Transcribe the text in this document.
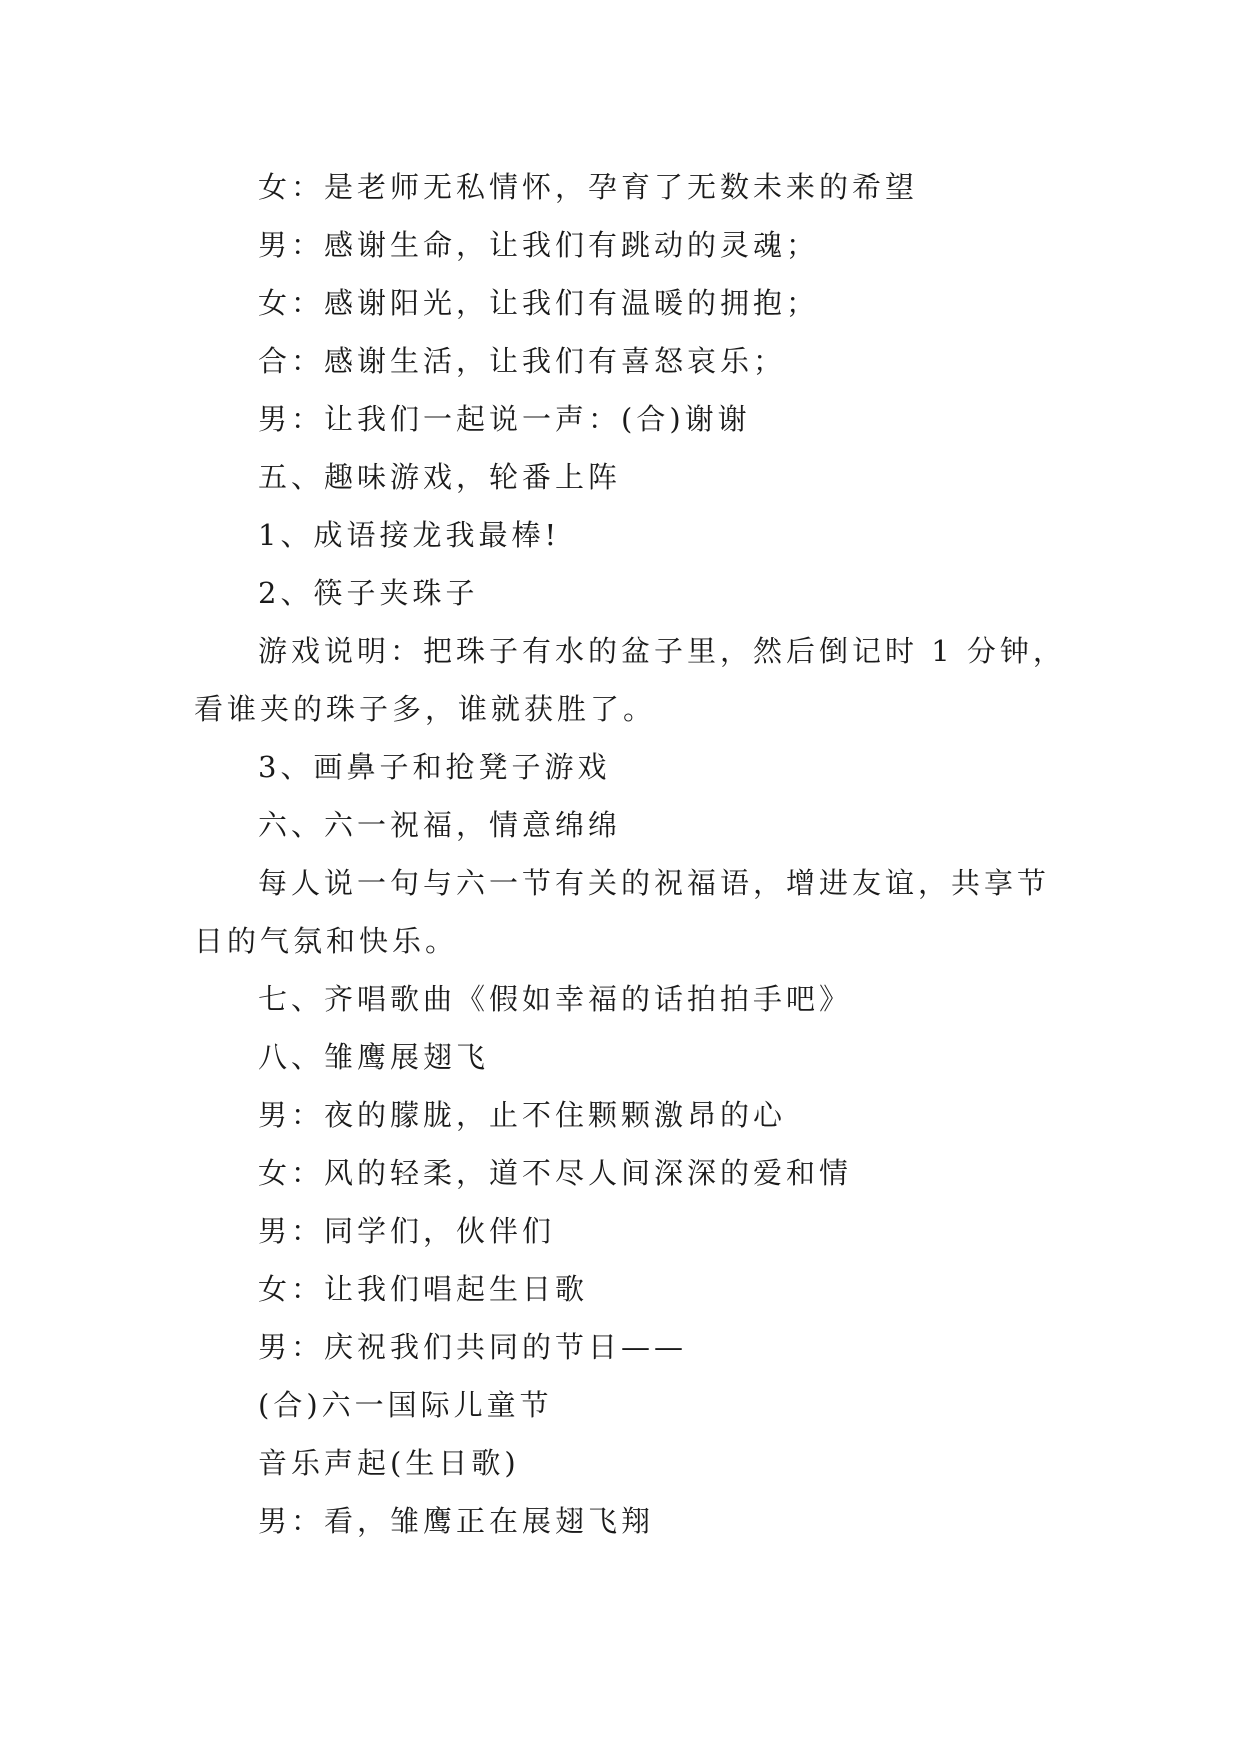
女：是老师无私情怀，孕育了无数未来的希望

男：感谢生命，让我们有跳动的灵魂；

女：感谢阳光，让我们有温暖的拥抱；

合：感谢生活，让我们有喜怒哀乐；

男：让我们一起说一声：(合)谢谢

五、趣味游戏，轮番上阵

1、成语接龙我最棒!

2、筷子夹珠子

游戏说明：把珠子有水的盆子里，然后倒记时 1 分钟，看谁夹的珠子多，谁就获胜了。

3、画鼻子和抢凳子游戏

六、六一祝福，情意绵绵

每人说一句与六一节有关的祝福语，增进友谊，共享节日的气氛和快乐。

七、齐唱歌曲《假如幸福的话拍拍手吧》

八、雏鹰展翅飞

男：夜的朦胧，止不住颗颗激昂的心

女：风的轻柔，道不尽人间深深的爱和情

男：同学们，伙伴们

女：让我们唱起生日歌

男：庆祝我们共同的节日——

(合)六一国际儿童节

音乐声起(生日歌)

男：看，雏鹰正在展翅飞翔
